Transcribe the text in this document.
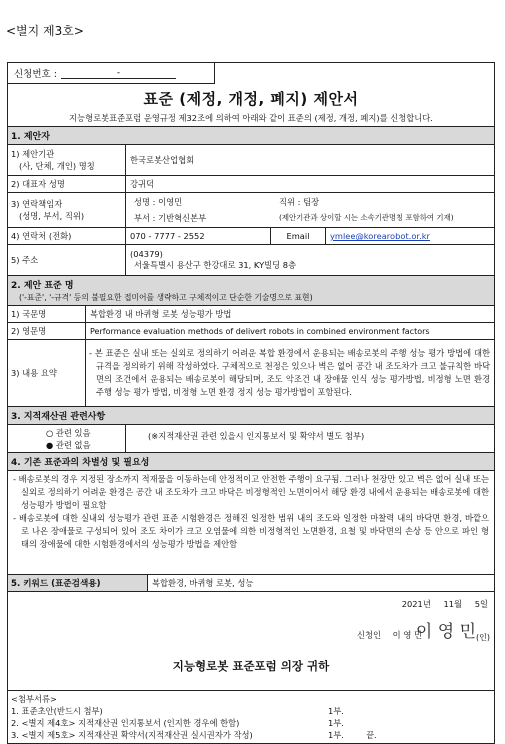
<별지 제3호>
신청번호 :	-
표준 (제정, 개정, 폐지) 제안서
지능형로봇표준포럼 운영규정 제32조에 의하여 아래와 같이 표준의 (제정, 개정, 폐지)를 신청합니다.
1. 제안자
1) 제안기관
(사, 단체, 개인) 명칭
한국로봇산업협회
2) 대표자 성명	강귀덕
3) 연락책임자
(성명, 부서, 직위)
성명 : 이영민	직위 : 팀장
부서 : 기반혁신본부	(제안기관과 상이할 시는 소속기관명칭 포함하여 기재)
4) 연락처 (전화)	070 - 7777 - 2552	Email	ymlee@korearobot.or.kr
5) 주소
(04379)
서울특별시 용산구 한강대로 31, KY빌딩 8층
2. 제안 표준 명
('-표준', '-규격' 등의 불필요한 접미어를 생략하고 구체적이고 단순한 기술명으로 표현)
1) 국문명	복합환경 내 바퀴형 로봇 성능평가 방법
2) 영문명	Performance evaluation methods of delivert robots in combined environment factors
3) 내용 요약
- 본 표준은 실내 또는 실외로 정의하기 어려운 복합 환경에서 운용되는 배송로봇의 주행 성능 평가 방법에 대한 규격을 정의하기 위해 작성하였다. 구체적으로 천정은 있으나 벽은 없어 공간 내 조도차가 크고 불규칙한 바닥면의 조건에서 운용되는 배송로봇이 해당되며, 조도 악조건 내 장애물 인식 성능 평가방법, 비정형 노면 환경 주행 성능 평가 방법, 비정형 노면 환경 정지 성능 평가방법이 포함된다.
3. 지적재산권 관련사항
○ 관련 있음
● 관련 없음
(※지적재산권 관련 있을시 인지통보서 및 확약서 별도 첨부)
4. 기존 표준과의 차별성 및 필요성

- 배송로봇의 경우 지정된 장소까지 적재물을 이동하는데 안정적이고 안전한 주행이 요구됨. 그러나 천장만 있고 벽은 없어 실내 또는 실외로 정의하기 어려운 환경은 공간 내 조도차가 크고 바닥은 비정형적인 노면이어서 해당 환경 내에서 운용되는 배송로봇에 대한 성능평가 방법이 필요함

- 배송로봇에 대한 실내외 성능평가 관련 표준 시험환경은 정해진 일정한 범위 내의 조도와 일정한 마찰력 내의 바닥면 환경, 바깥으로 나온 장애물로 구성되어 있어 조도 차이가 크고 오염물에 의한 비정형적인 노면환경, 요철 및 바닥면의 손상 등 안으로 파인 형태의 장애물에 대한 시험환경에서의 성능평가 방법을 제안함

5. 키워드 (표준검색용)	복합환경, 바퀴형 로봇, 성능
2021년 11월 5일
신청인 이 영 민
이 영 민 (인)
지능형로봇 표준포럼 의장 귀하
<첨부서류>
1. 표준초안(반드시 첨부)	1부.
2. <별지 제4호> 지적재산권 인지통보서 (인지한 경우에 한함)	1부.
3. <별지 제5호> 지적재산권 확약서(지적재산권 실시권자가 작성)	1부.	끝.
